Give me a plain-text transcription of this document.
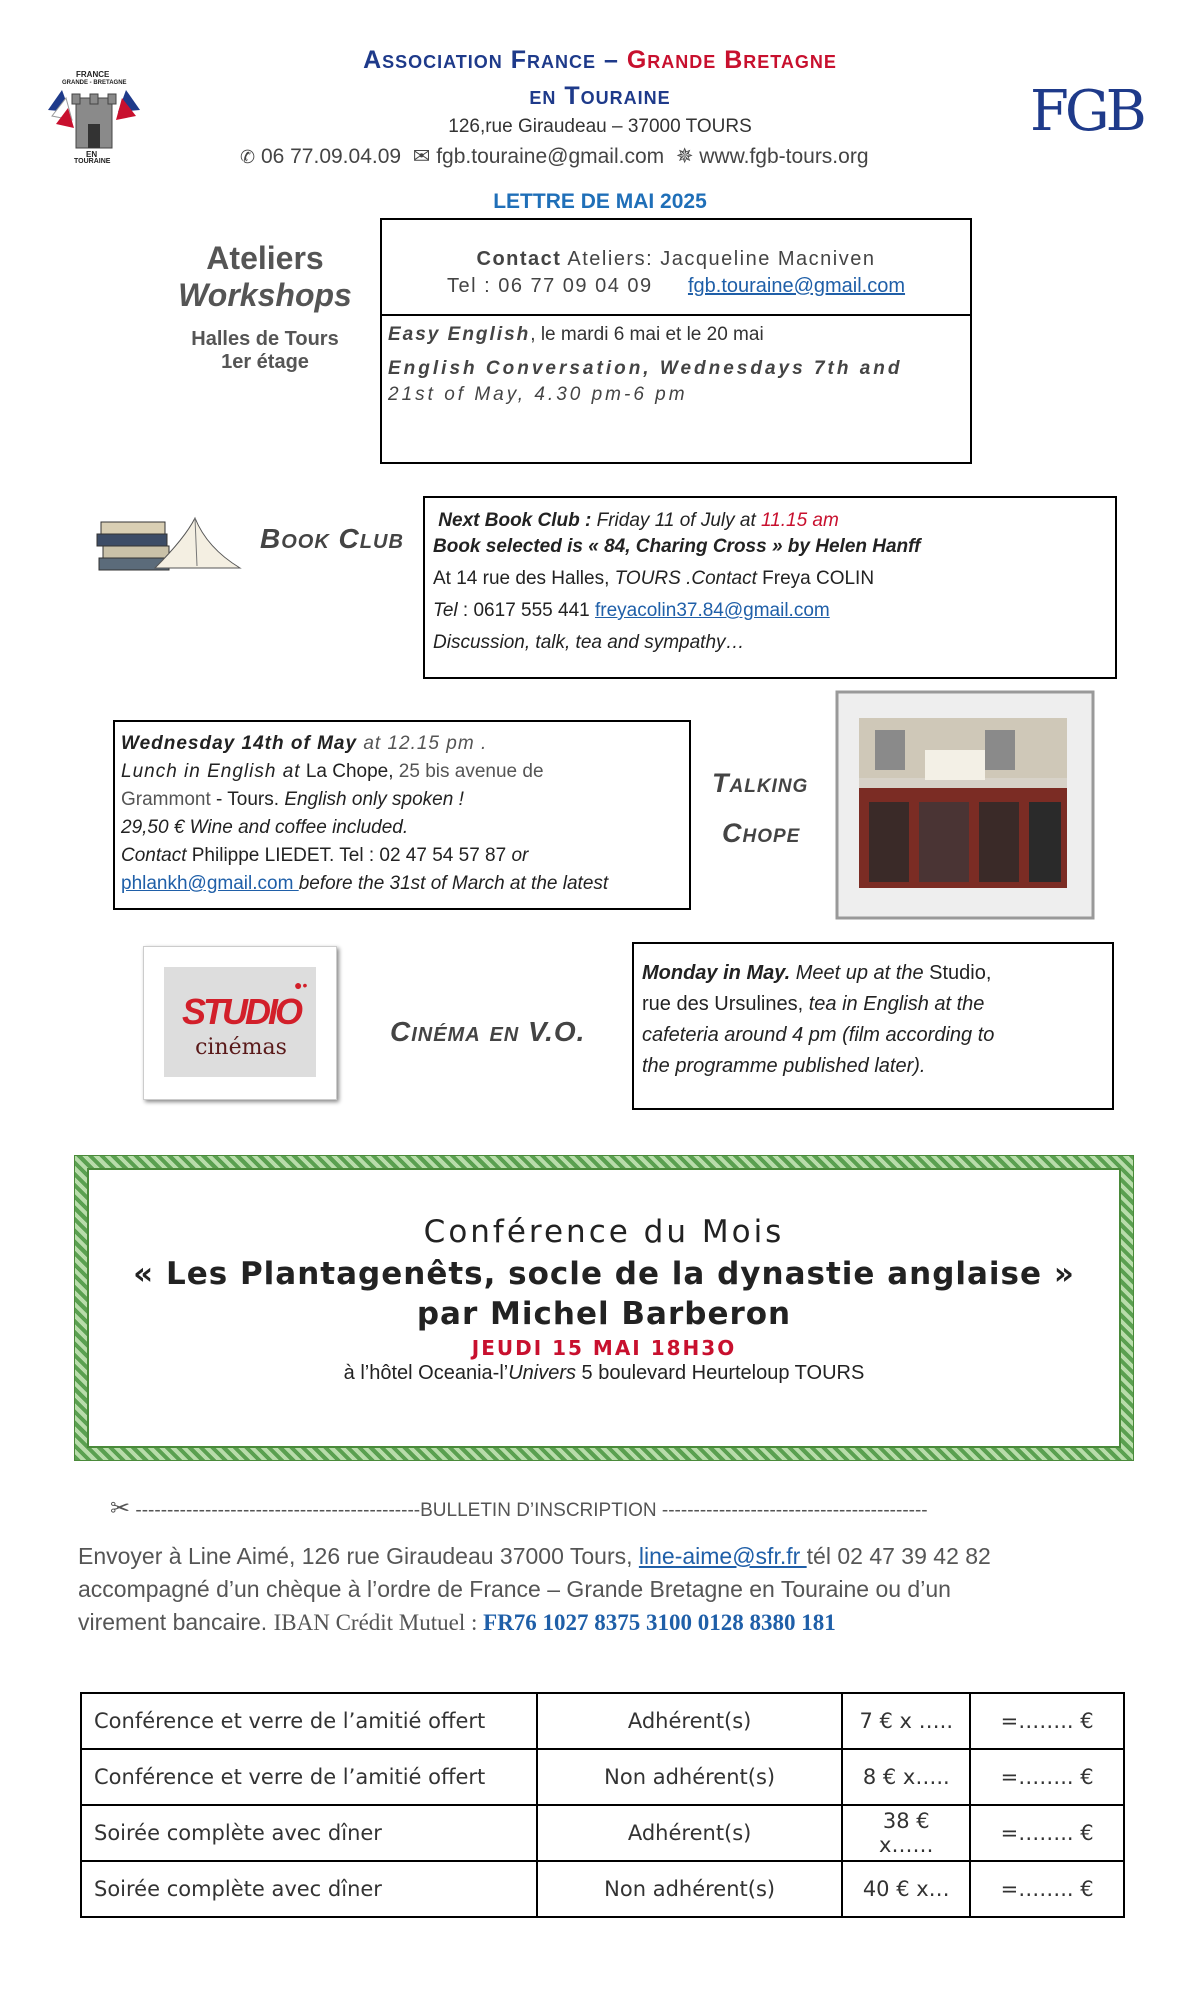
FRANCE
GRANDE - BRETAGNE
EN
TOURAINE
Association France – Grande Bretagne
en Touraine
126,rue Giraudeau – 37000 TOURS
✆ 06 77.09.04.09 ✉ fgb.touraine@gmail.com ✵ www.fgb-tours.org
FGB
LETTRE DE MAI 2025
Ateliers
Workshops
Halles de Tours
1er étage
Contact Ateliers: Jacqueline Macniven
Tel : 06 77 09 04 09 fgb.touraine@gmail.com
Easy English, le mardi 6 mai et le 20 mai
English Conversation, Wednesdays 7th and
21st of May, 4.30 pm-6 pm
Book Club
Next Book Club : Friday 11 of July at 11.15 am
Book selected is « 84, Charing Cross » by Helen Hanff
At 14 rue des Halles, TOURS .Contact Freya COLIN
Tel : 0617 555 441 freyacolin37.84@gmail.com
Discussion, talk, tea and sympathy…
Wednesday 14th of May at 12.15 pm .
Lunch in English at La Chope, 25 bis avenue de
Grammont - Tours. English only spoken !
29,50 € Wine and coffee included.
Contact Philippe LIEDET. Tel : 02 47 54 57 87 or
phlankh@gmail.com before the 31st of March at the latest
Talking
Chope
STUDIO
cinémas
●•
Cinéma en V.O.
Monday in May. Meet up at the Studio,
rue des Ursulines, tea in English at the
cafeteria around 4 pm (film according to
the programme published later).
Conférence du Mois
« Les Plantagenêts, socle de la dynastie anglaise »
par Michel Barberon
JEUDI 15 MAI 18H3O
à l’hôtel Oceania-l’Univers 5 boulevard Heurteloup TOURS
✂ ---------------------------------------------BULLETIN D’INSCRIPTION ------------------------------------------
Envoyer à Line Aimé, 126 rue Giraudeau 37000 Tours, line-aime@sfr.fr tél 02 47 39 42 82
accompagné d’un chèque à l’ordre de France – Grande Bretagne en Touraine ou d’un
virement bancaire. IBAN Crédit Mutuel : FR76 1027 8375 3100 0128 8380 181
Conférence et verre de l’amitié offert	Adhérent(s)	7 € x …..	=…….. €
Conférence et verre de l’amitié offert	Non adhérent(s)	8 € x…..	=…….. €
Soirée complète avec dîner	Adhérent(s)	38 € x……	=…….. €
Soirée complète avec dîner	Non adhérent(s)	40 € x…	=…….. €
